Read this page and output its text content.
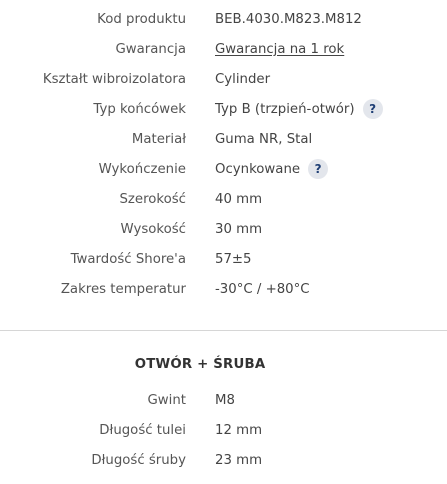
Kod produktu BEB.4030.M823.M812
Gwarancja Gwarancja na 1 rok
Kształt wibroizolatora Cylinder
Typ końcówek Typ B (trzpień-otwór)	?
Materiał Guma NR, Stal
Wykończenie Ocynkowane	?
Szerokość 40 mm
Wysokość 30 mm
Twardość Shore'a 57±5
Zakres temperatur -30°C / +80°C
OTWÓR + ŚRUBA
Gwint M8
Długość tulei 12 mm
Długość śruby 23 mm
